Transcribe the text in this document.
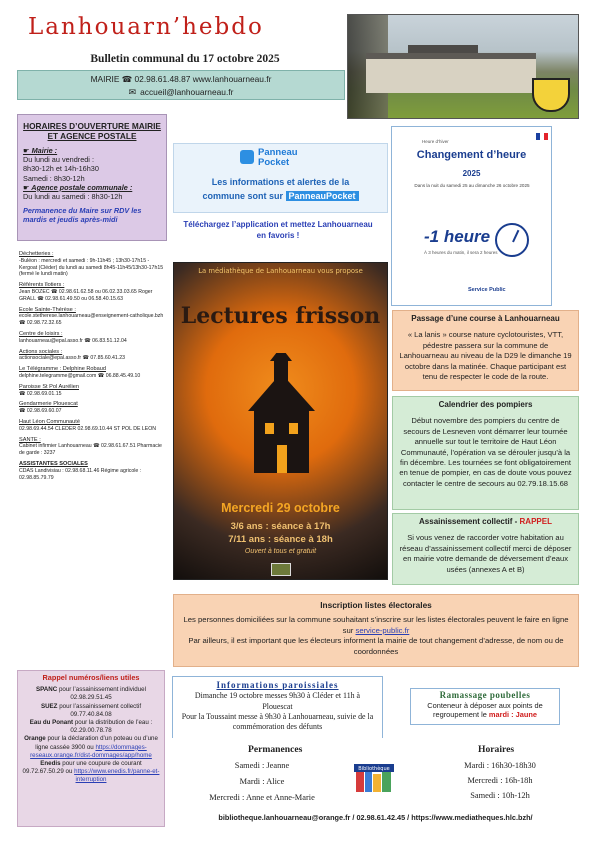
Lanhouarn’hebdo
Bulletin communal du 17 octobre 2025
MAIRIE ☎ 02.98.61.48.87 www.lanhouarneau.fr
✉ accueil@lanhouarneau.fr
HORAIRES D’OUVERTURE MAIRIE ET AGENCE POSTALE
☛ Mairie :
Du lundi au vendredi :
8h30-12h et 14h-16h30
Samedi : 8h30-12h
☛ Agence postale communale :
Du lundi au samedi : 8h30-12h
Permanence du Maire sur RDV les mardis et jeudis après-midi
Déchetteries :
-Buléon : mercredi et samedi : 9h-11h45 ; 13h30-17h15 -Kergoat (Cléder) du lundi au samedi 8h45-11h45/13h30-17h15 (fermé le lundi matin)
Référents îlotiers :
Jean BOZEC ☎ 02.98.61.62.58 ou 06.02.33.03.65 Roger GRALL ☎ 02.98.61.49.50 ou 06.58.40.15.63
Ecole Sainte-Thérèse :
ecole.stetherese.lanhouarneau@enseignement-catholique.bzh ☎ 02.98.72.32.65
Centre de loisirs :
lanhouarneau@epal.asso.fr ☎ 06.83.51.12.04
Actions sociales :
actionsociale@epal.asso.fr ☎ 07.85.60.41.23
Le Télégramme : Delphine Robaud
delphine.telegramme@gmail.com ☎ 06.88.45.49.10
Paroisse St Pol Aurélien
☎ 02.98.69.01.15
Gendarmerie Plouescat
☎ 02.98.69.60.07
Haut Léon Communauté
02.98.69.44.54 CLEDER 02.98.69.10.44 ST POL DE LEON
SANTE :
Cabinet infirmier Lanhouarneau ☎ 02.98.61.67.51 Pharmacie de garde : 3237
ASSISTANTES SOCIALES
CDAS Landivisiau : 02.98.68.11.46 Régime agricole : 02.98.85.79.79
Panneau
Pocket
Les informations et alertes de la
commune sont sur PanneauPocket
Téléchargez l’application et mettez Lanhouarneau en favoris !
La médiathèque de Lanhouarneau vous propose
Lectures frisson
Mercredi 29 octobre
3/6 ans : séance à 17h
7/11 ans : séance à 18h
Ouvert à tous et gratuit
Heure d’hiver
Changement d’heure
2025
Dans la nuit du samedi 25 au dimanche 26 octobre 2025
-1 heure
À 3 heures du matin, il sera 2 heures
Service Public
Passage d’une course à Lanhouarneau
« La lanis » course nature cyclotouristes, VTT, pédestre passera sur la commune de Lanhouarneau au niveau de la D29 le dimanche 19 octobre dans la matinée. Chaque participant est tenu de respecter le code de la route.
Calendrier des pompiers
Début novembre des pompiers du centre de secours de Lesneven vont démarrer leur tournée annuelle sur tout le territoire de Haut Léon Communauté, l’opération va se dérouler jusqu’à la fin décembre. Les tournées se font obligatoirement en tenue de pompier, en cas de doute vous pouvez contacter le centre de secours au 02.79.18.15.68
Assainissement collectif - RAPPEL
Si vous venez de raccorder votre habitation au réseau d’assainissement collectif merci de déposer en mairie votre demande de déversement d’eaux usées (annexes A et B)
Inscription listes électorales
Les personnes domiciliées sur la commune souhaitant s’inscrire sur les listes électorales peuvent le faire en ligne sur service-public.fr
Par ailleurs, il est important que les électeurs informent la mairie de tout changement d’adresse, de nom ou de coordonnées
Rappel numéros/liens utiles
SPANC pour l’assainissement individuel 02.98.29.51.45
SUEZ pour l’assainissement collectif 09.77.40.84.08
Eau du Ponant pour la distribution de l’eau : 02.29.00.78.78
Orange pour la déclaration d’un poteau ou d’une ligne cassée 3900 ou https://dommages-reseaux.orange.fr/dist-dommages/app/home
Enedis pour une coupure de courant 09.72.67.50.29 ou https://www.enedis.fr/panne-et-interruption
Informations paroissiales
Dimanche 19 octobre messes 9h30 à Cléder et 11h à Plouescat
Pour la Toussaint messe à 9h30 à Lanhouarneau, suivie de la commémoration des défunts
Ramassage poubelles
Conteneur à déposer aux points de regroupement le mardi : Jaune
Permanences
Samedi : Jeanne
Mardi : Alice
Mercredi : Anne et Anne-Marie
Bibliothèque
Horaires
Mardi : 16h30-18h30
Mercredi : 16h-18h
Samedi : 10h-12h
bibliotheque.lanhouarneau@orange.fr / 02.98.61.42.45 / https://www.mediatheques.hlc.bzh/
